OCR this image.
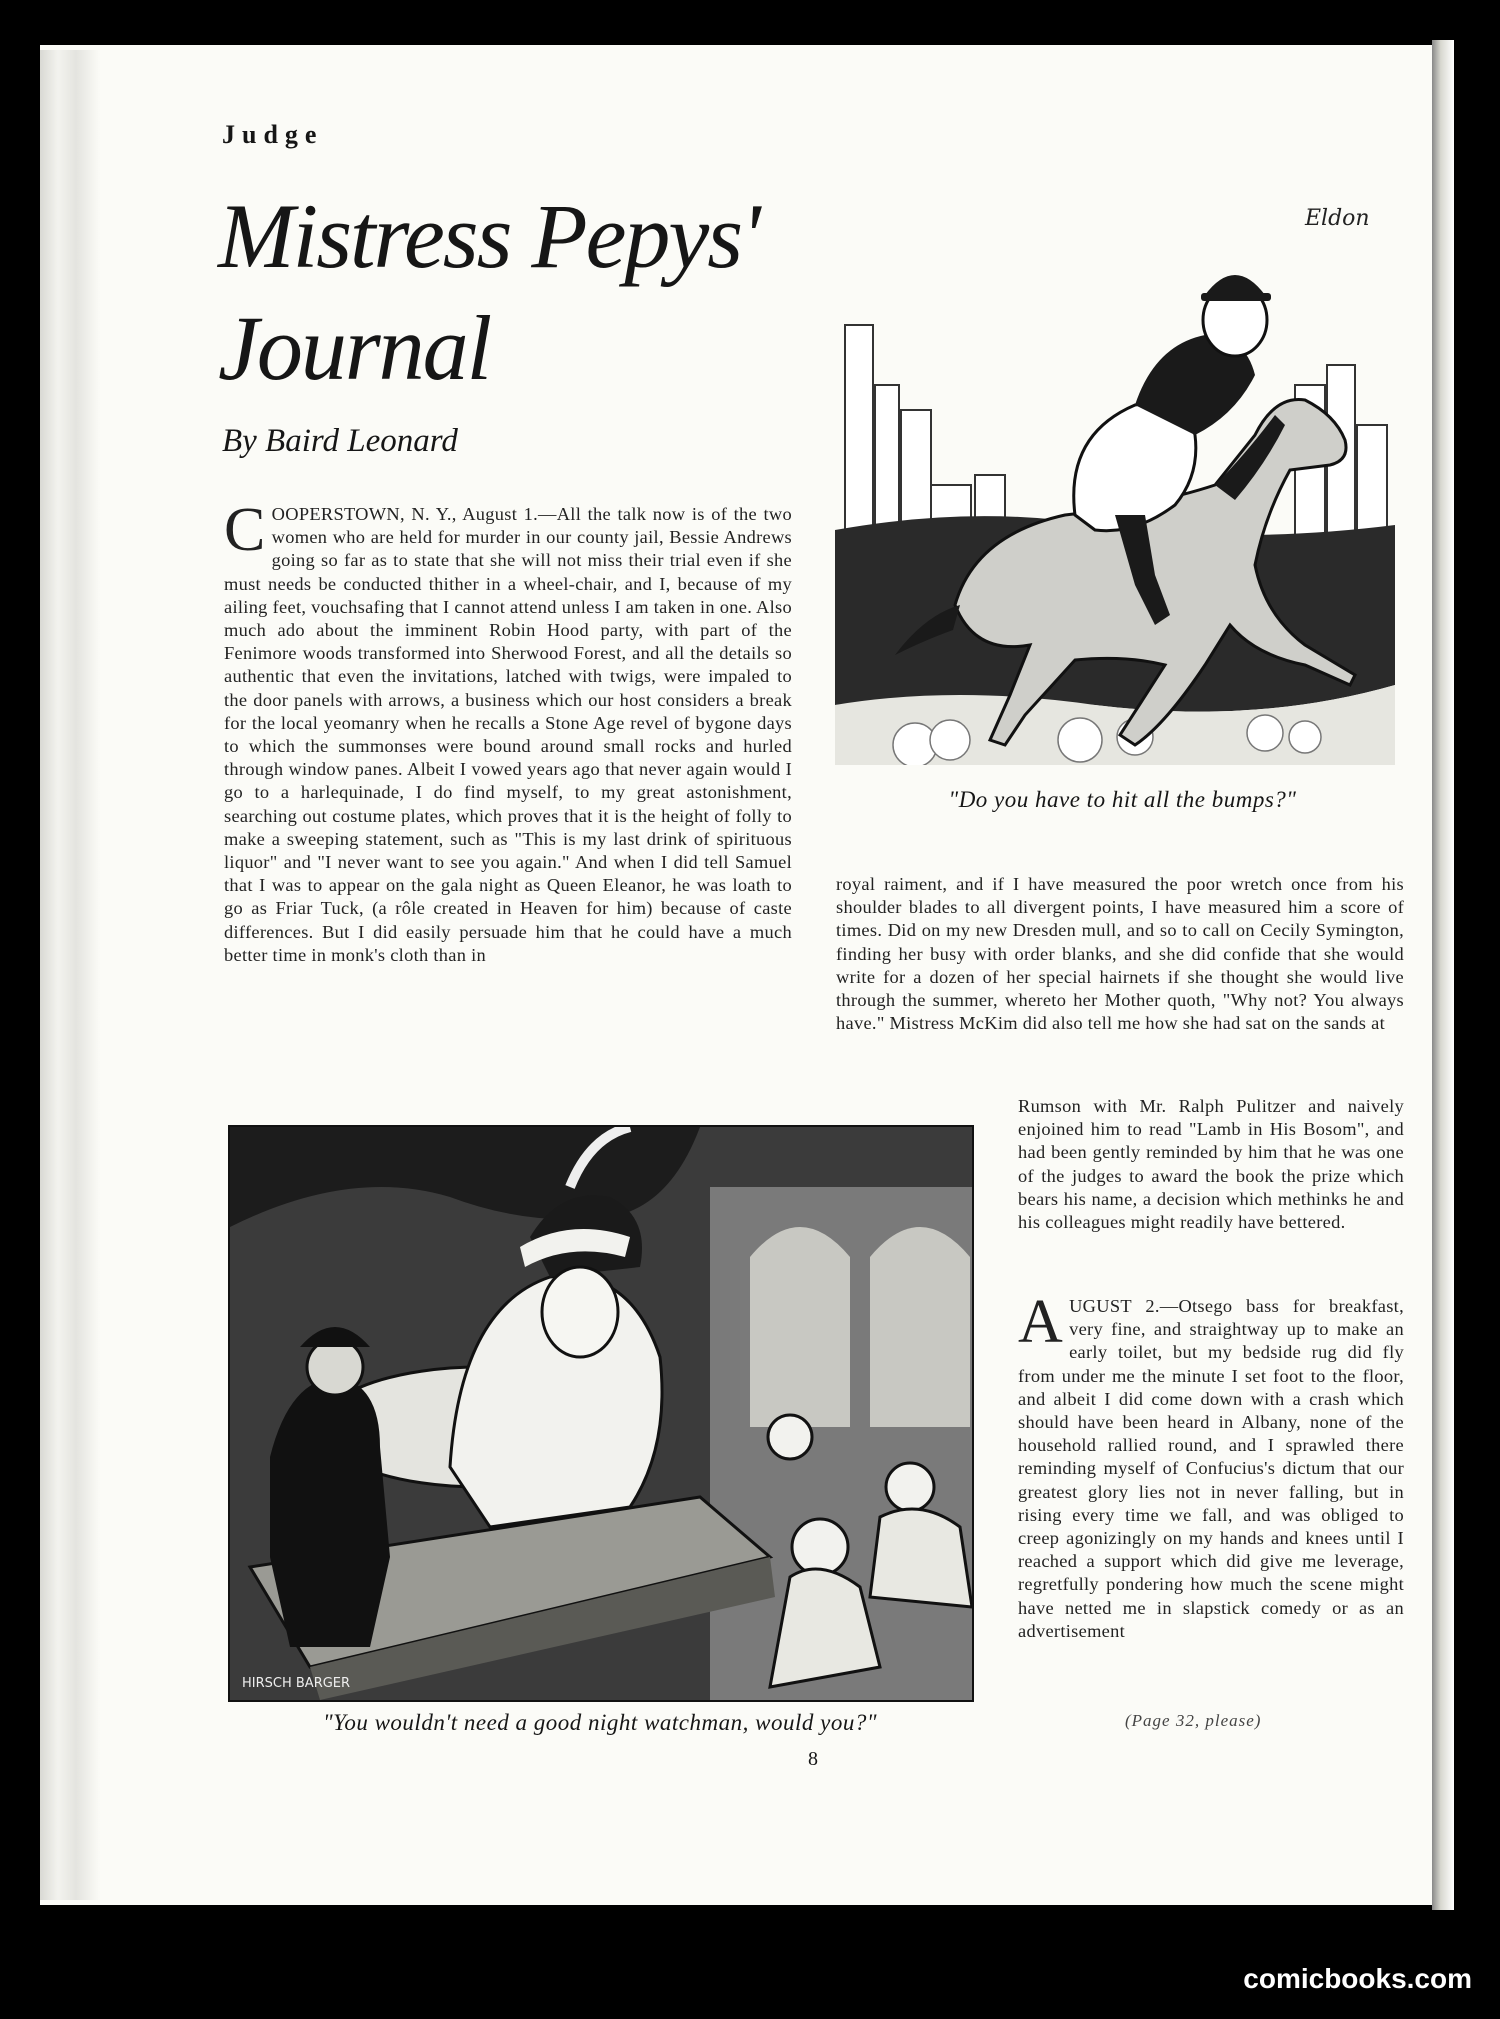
Judge
Mistress Pepys' Journal
By Baird Leonard
Eldon
"Do you have to hit all the bumps?"

COOPERSTOWN, N. Y., August 1.—All the talk now is of the two women who are held for murder in our county jail, Bessie Andrews going so far as to state that she will not miss their trial even if she must needs be conducted thither in a wheel-chair, and I, because of my ailing feet, vouchsafing that I cannot attend unless I am taken in one. Also much ado about the imminent Robin Hood party, with part of the Fenimore woods transformed into Sherwood Forest, and all the details so authentic that even the invitations, latched with twigs, were impaled to the door panels with arrows, a business which our host considers a break for the local yeomanry when he recalls a Stone Age revel of bygone days to which the summonses were bound around small rocks and hurled through window panes. Albeit I vowed years ago that never again would I go to a harlequinade, I do find myself, to my great astonishment, searching out costume plates, which proves that it is the height of folly to make a sweeping statement, such as "This is my last drink of spirituous liquor" and "I never want to see you again." And when I did tell Samuel that I was to appear on the gala night as Queen Eleanor, he was loath to go as Friar Tuck, (a rôle created in Heaven for him) because of caste differences. But I did easily persuade him that he could have a much better time in monk's cloth than in

royal raiment, and if I have measured the poor wretch once from his shoulder blades to all divergent points, I have measured him a score of times. Did on my new Dresden mull, and so to call on Cecily Symington, finding her busy with order blanks, and she did confide that she would write for a dozen of her special hairnets if she thought she would live through the summer, whereto her Mother quoth, "Why not? You always have." Mistress McKim did also tell me how she had sat on the sands at

HIRSCH BARGER

Rumson with Mr. Ralph Pulitzer and naively enjoined him to read "Lamb in His Bosom", and had been gently reminded by him that he was one of the judges to award the book the prize which bears his name, a decision which methinks he and his colleagues might readily have bettered.

AUGUST 2.—Otsego bass for breakfast, very fine, and straightway up to make an early toilet, but my bedside rug did fly from under me the minute I set foot to the floor, and albeit I did come down with a crash which should have been heard in Albany, none of the household rallied round, and I sprawled there reminding myself of Confucius's dictum that our greatest glory lies not in never falling, but in rising every time we fall, and was obliged to creep agonizingly on my hands and knees until I reached a support which did give me leverage, regretfully pondering how much the scene might have netted me in slapstick comedy or as an advertisement

"You wouldn't need a good night watchman, would you?"	(Page 32, please)
8
comicbooks.com
